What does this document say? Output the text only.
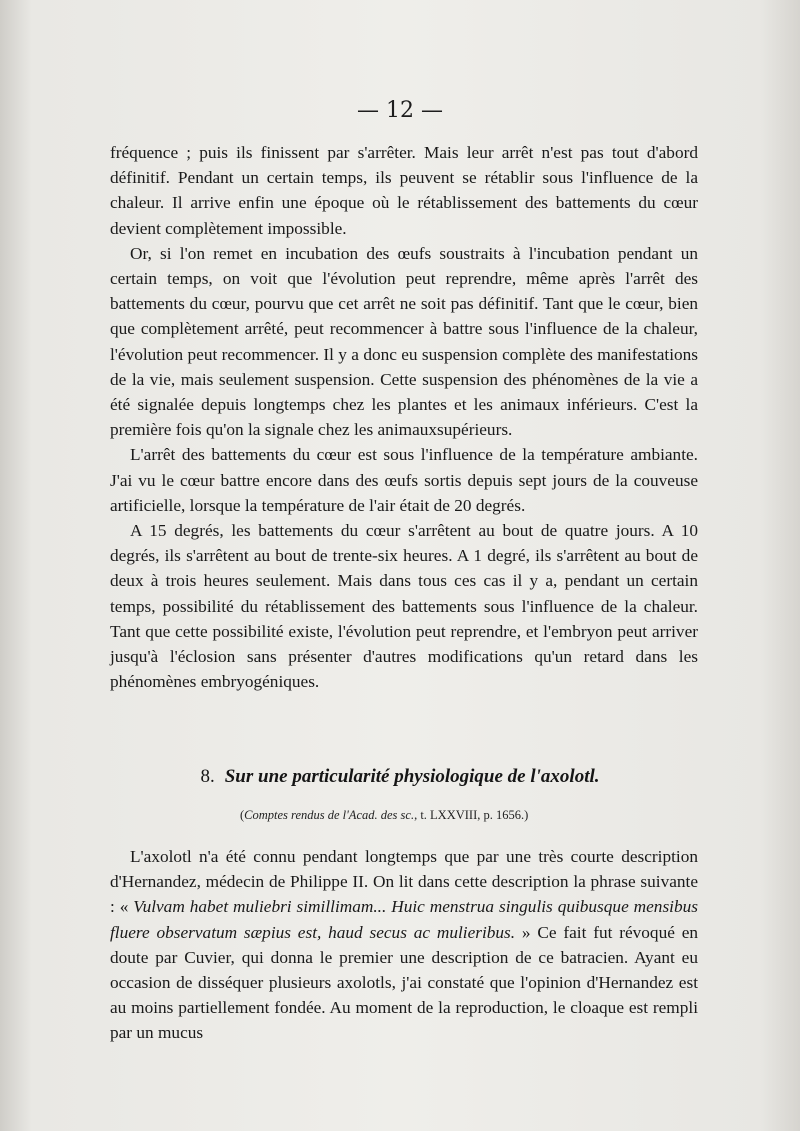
— 12 —

fréquence ; puis ils finissent par s'arrêter. Mais leur arrêt n'est pas tout d'abord définitif. Pendant un certain temps, ils peuvent se rétablir sous l'influence de la chaleur. Il arrive enfin une époque où le rétablissement des battements du cœur devient complètement impossible.

Or, si l'on remet en incubation des œufs soustraits à l'incubation pendant un certain temps, on voit que l'évolution peut reprendre, même après l'arrêt des battements du cœur, pourvu que cet arrêt ne soit pas définitif. Tant que le cœur, bien que complètement arrêté, peut recommencer à battre sous l'influence de la chaleur, l'évolution peut recommencer. Il y a donc eu suspension complète des manifestations de la vie, mais seulement suspension. Cette suspension des phénomènes de la vie a été signalée depuis longtemps chez les plantes et les animaux inférieurs. C'est la première fois qu'on la signale chez les animauxsupérieurs.

L'arrêt des battements du cœur est sous l'influence de la température ambiante. J'ai vu le cœur battre encore dans des œufs sortis depuis sept jours de la couveuse artificielle, lorsque la température de l'air était de 20 degrés.

A 15 degrés, les battements du cœur s'arrêtent au bout de quatre jours. A 10 degrés, ils s'arrêtent au bout de trente-six heures. A 1 degré, ils s'arrêtent au bout de deux à trois heures seulement. Mais dans tous ces cas il y a, pendant un certain temps, possibilité du rétablissement des battements sous l'influence de la chaleur. Tant que cette possibilité existe, l'évolution peut reprendre, et l'embryon peut arriver jusqu'à l'éclosion sans présenter d'autres modifications qu'un retard dans les phénomènes embryogéniques.

8. Sur une particularité physiologique de l'axolotl.
(Comptes rendus de l'Acad. des sc., t. LXXVIII, p. 1656.)

L'axolotl n'a été connu pendant longtemps que par une très courte description d'Hernandez, médecin de Philippe II. On lit dans cette description la phrase suivante : « Vulvam habet muliebri simillimam... Huic menstrua singulis quibusque mensibus fluere observatum sæpius est, haud secus ac mulieribus. » Ce fait fut révoqué en doute par Cuvier, qui donna le premier une description de ce batracien. Ayant eu occasion de disséquer plusieurs axolotls, j'ai constaté que l'opinion d'Hernandez est au moins partiellement fondée. Au moment de la reproduction, le cloaque est rempli par un mucus
